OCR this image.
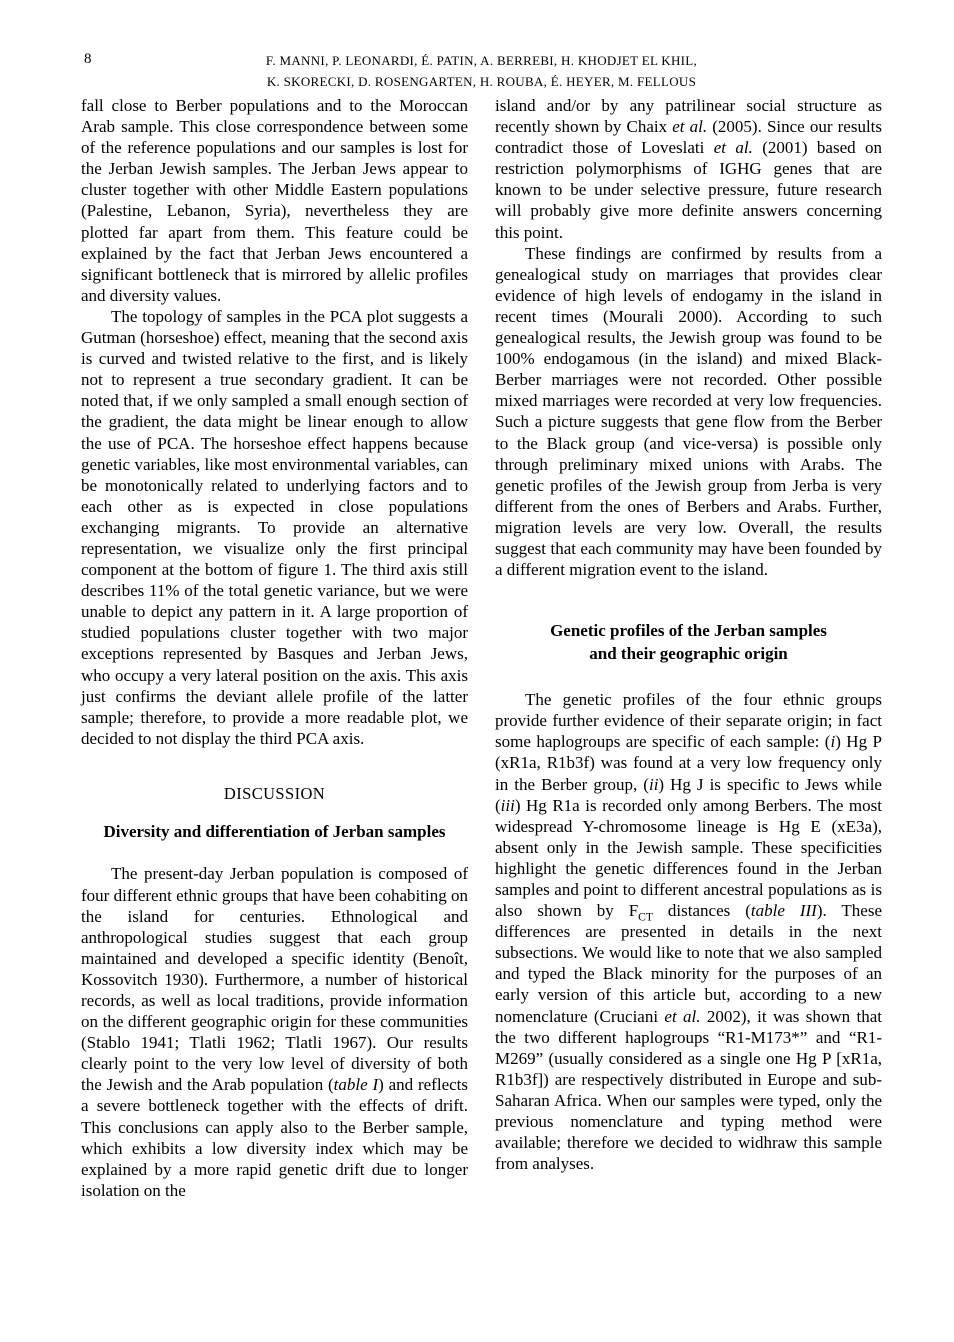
8	F. MANNI, P. LEONARDI, É. PATIN, A. BERREBI, H. KHODJET EL KHIL,
K. SKORECKI, D. ROSENGARTEN, H. ROUBA, É. HEYER, M. FELLOUS

fall close to Berber populations and to the Moroccan Arab sample. This close correspondence between some of the reference populations and our samples is lost for the Jerban Jewish samples. The Jerban Jews appear to cluster together with other Middle Eastern populations (Palestine, Lebanon, Syria), nevertheless they are plotted far apart from them. This feature could be explained by the fact that Jerban Jews encountered a significant bottleneck that is mirrored by allelic profiles and diversity values.

The topology of samples in the PCA plot suggests a Gutman (horseshoe) effect, meaning that the second axis is curved and twisted relative to the first, and is likely not to represent a true secondary gradient. It can be noted that, if we only sampled a small enough section of the gradient, the data might be linear enough to allow the use of PCA. The horseshoe effect happens because genetic variables, like most environmental variables, can be monotonically related to underlying factors and to each other as is expected in close populations exchanging migrants. To provide an alternative representation, we visualize only the first principal component at the bottom of figure 1. The third axis still describes 11% of the total genetic variance, but we were unable to depict any pattern in it. A large proportion of studied populations cluster together with two major exceptions represented by Basques and Jerban Jews, who occupy a very lateral position on the axis. This axis just confirms the deviant allele profile of the latter sample; therefore, to provide a more readable plot, we decided to not display the third PCA axis.

DISCUSSION
Diversity and differentiation of Jerban samples

The present-day Jerban population is composed of four different ethnic groups that have been cohabiting on the island for centuries. Ethnological and anthropological studies suggest that each group maintained and developed a specific identity (Benoît, Kossovitch 1930). Furthermore, a number of historical records, as well as local traditions, provide information on the different geographic origin for these communities (Stablo 1941; Tlatli 1962; Tlatli 1967). Our results clearly point to the very low level of diversity of both the Jewish and the Arab population (table I) and reflects a severe bottleneck together with the effects of drift. This conclusions can apply also to the Berber sample, which exhibits a low diversity index which may be explained by a more rapid genetic drift due to longer isolation on the

island and/or by any patrilinear social structure as recently shown by Chaix et al. (2005). Since our results contradict those of Loveslati et al. (2001) based on restriction polymorphisms of IGHG genes that are known to be under selective pressure, future research will probably give more definite answers concerning this point.

These findings are confirmed by results from a genealogical study on marriages that provides clear evidence of high levels of endogamy in the island in recent times (Mourali 2000). According to such genealogical results, the Jewish group was found to be 100% endogamous (in the island) and mixed Black-Berber marriages were not recorded. Other possible mixed marriages were recorded at very low frequencies. Such a picture suggests that gene flow from the Berber to the Black group (and vice-versa) is possible only through preliminary mixed unions with Arabs. The genetic profiles of the Jewish group from Jerba is very different from the ones of Berbers and Arabs. Further, migration levels are very low. Overall, the results suggest that each community may have been founded by a different migration event to the island.

Genetic profiles of the Jerban samples
and their geographic origin

The genetic profiles of the four ethnic groups provide further evidence of their separate origin; in fact some haplogroups are specific of each sample: (i) Hg P (xR1a, R1b3f) was found at a very low frequency only in the Berber group, (ii) Hg J is specific to Jews while (iii) Hg R1a is recorded only among Berbers. The most widespread Y-chromosome lineage is Hg E (xE3a), absent only in the Jewish sample. These specificities highlight the genetic differences found in the Jerban samples and point to different ancestral populations as is also shown by $F_{CT}$ distances (table III). These differences are presented in details in the next subsections. We would like to note that we also sampled and typed the Black minority for the purposes of an early version of this article but, according to a new nomenclature (Cruciani et al. 2002), it was shown that the two different haplogroups “R1-M173*” and “R1-M269” (usually considered as a single one Hg P [xR1a, R1b3f]) are respectively distributed in Europe and sub-Saharan Africa. When our samples were typed, only the previous nomenclature and typing method were available; therefore we decided to widhraw this sample from analyses.
